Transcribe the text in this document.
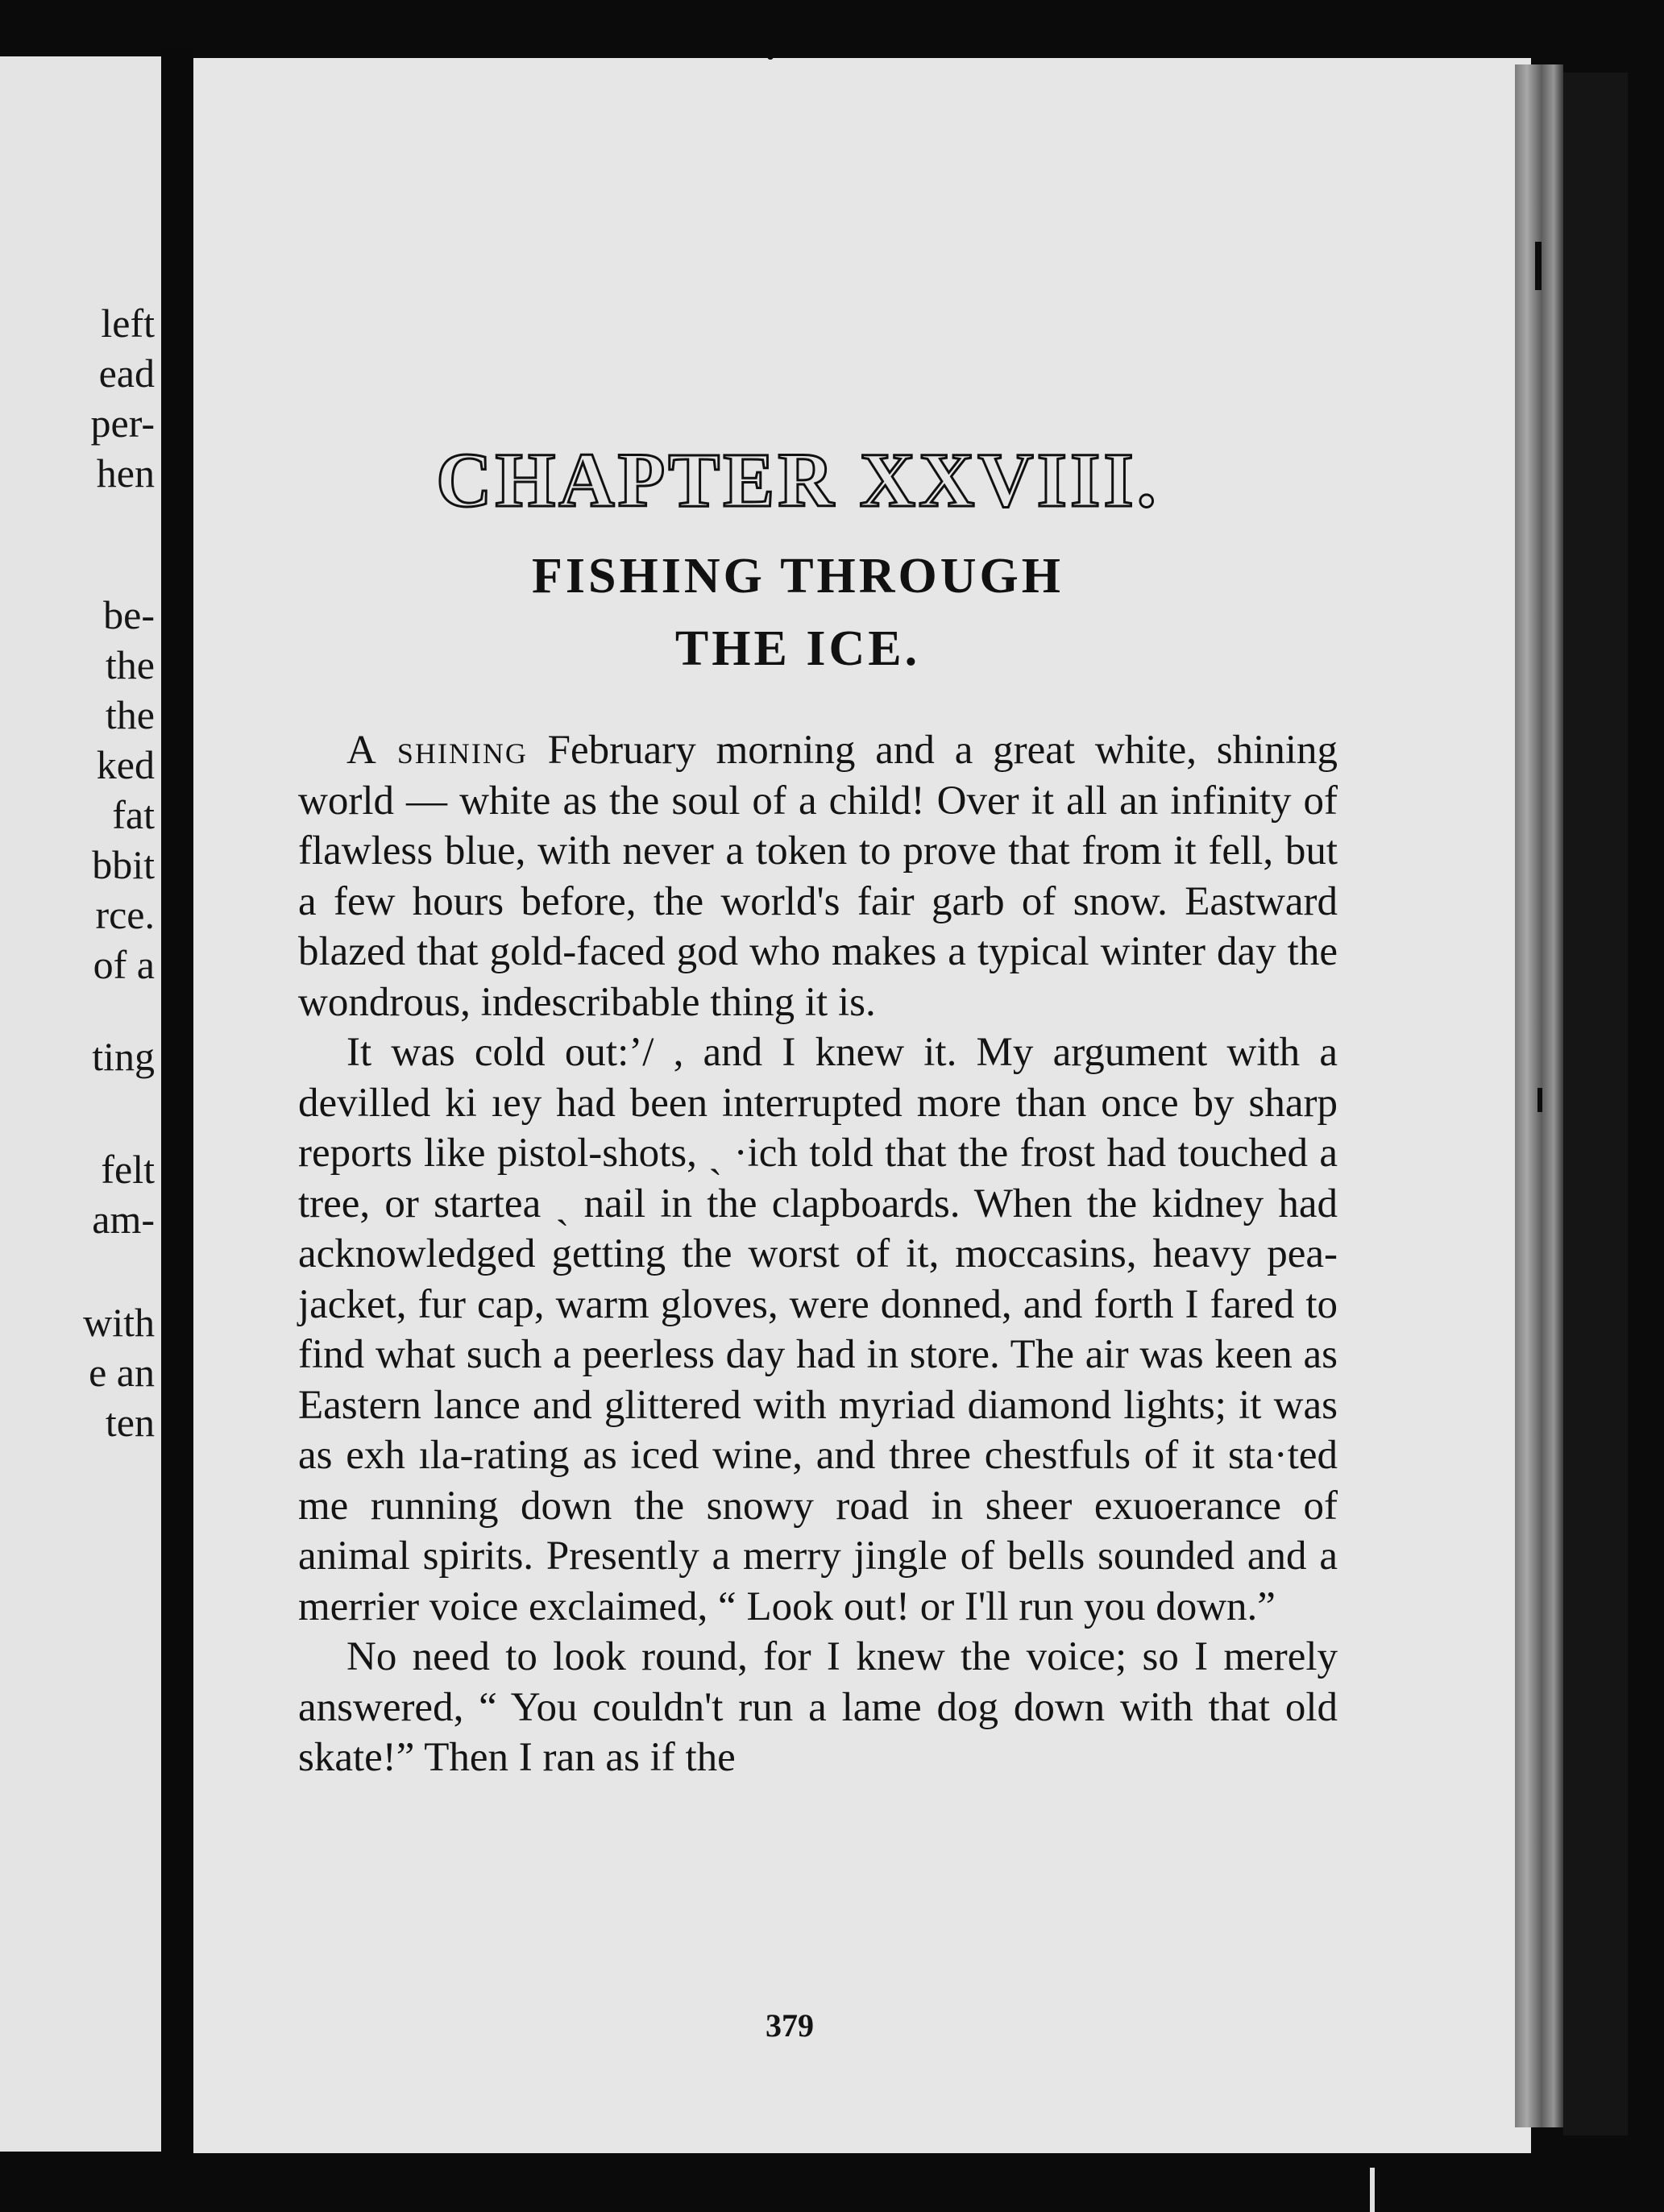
left

ead

per-

hen

be-

the

the

ked

fat

bbit

rce.

of a

ting

felt

am-

with

e an

ten

CHAPTER XXVIII.
FISHING THROUGH
THE ICE.

A shining February morning and a great white, shining world — white as the soul of a child! Over it all an infinity of flawless blue, with never a token to prove that from it fell, but a few hours before, the world's fair garb of snow. Eastward blazed that gold-faced god who makes a typical winter day the wondrous, indescribable thing it is.

It was cold out:’/ , and I knew it. My argument with a devilled ki ıey had been interrupted more than once by sharp reports like pistol-shots, ˏ ·ich told that the frost had touched a tree, or startea ˏ nail in the clapboards. When the kidney had acknowledged getting the worst of it, moccasins, heavy pea-jacket, fur cap, warm gloves, were donned, and forth I fared to find what such a peerless day had in store. The air was keen as Eastern lance and glittered with myriad diamond lights; it was as exh ıla-rating as iced wine, and three chestfuls of it sta·ted me running down the snowy road in sheer exuoerance of animal spirits. Presently a merry jingle of bells sounded and a merrier voice exclaimed, “ Look out! or I'll run you down.”

No need to look round, for I knew the voice; so I merely answered, “ You couldn't run a lame dog down with that old skate!” Then I ran as if the

379
